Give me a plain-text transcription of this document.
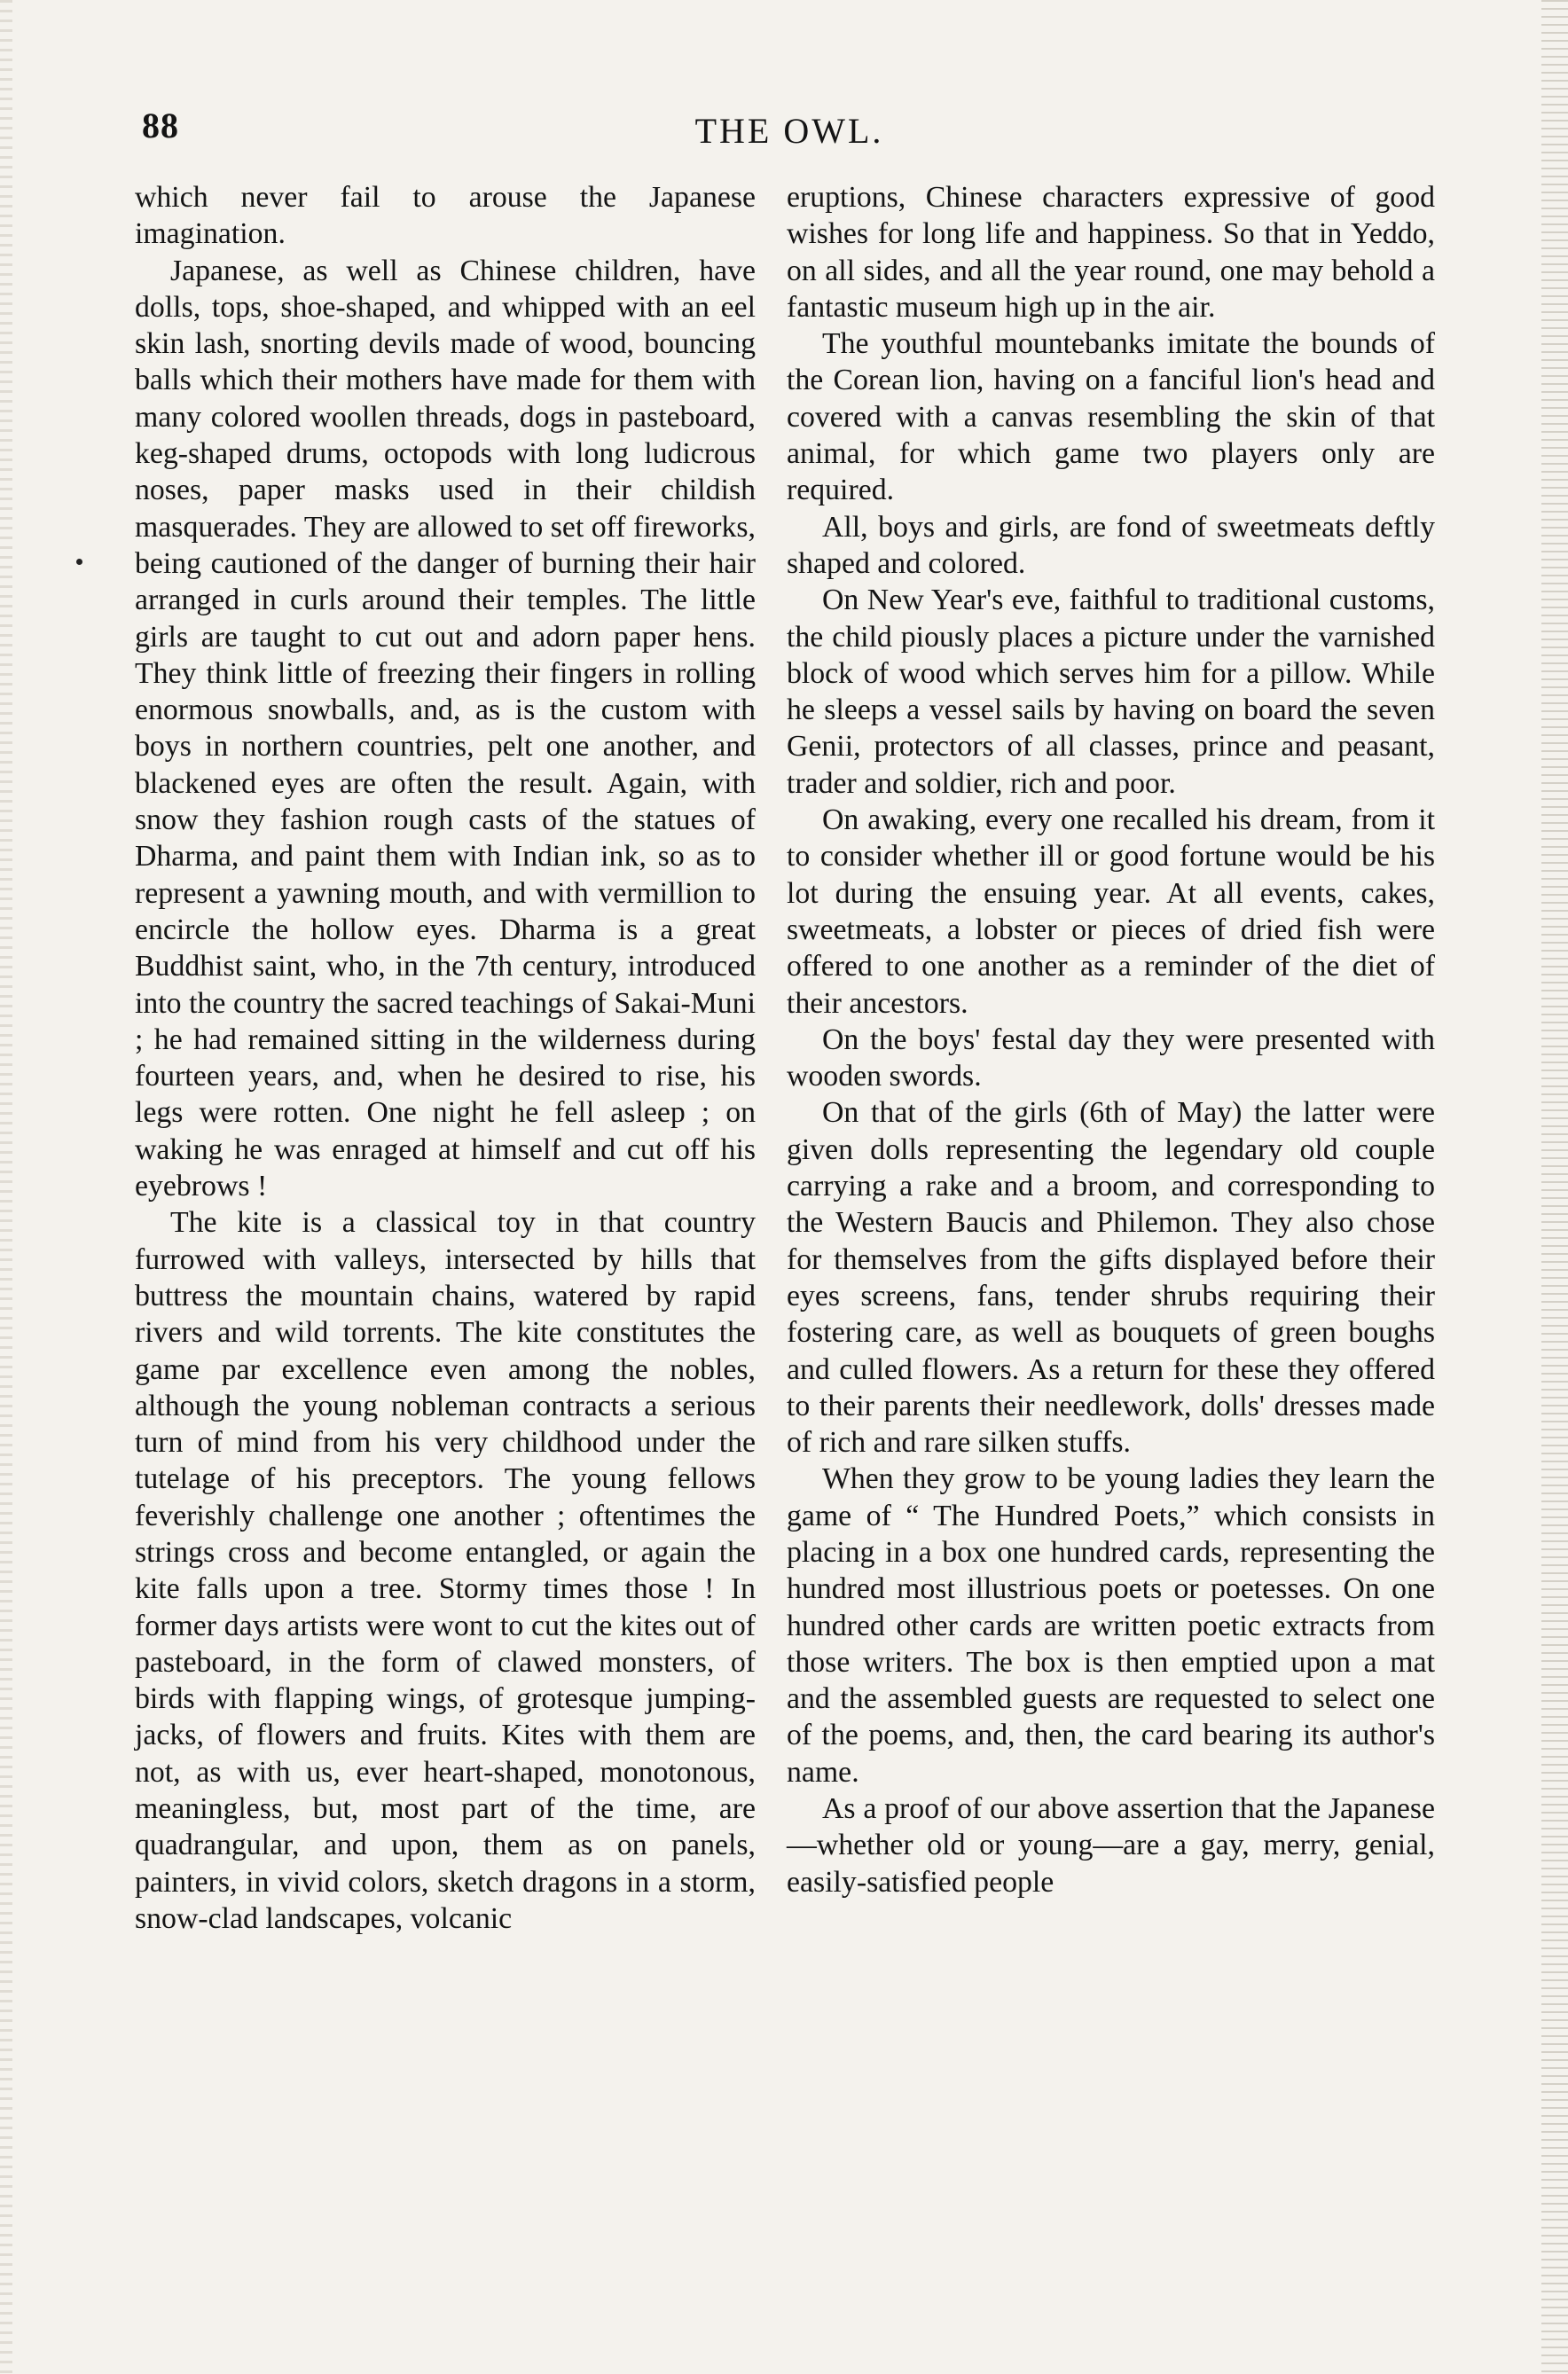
88	THE OWL.

which never fail to arouse the Japanese imagination.

Japanese, as well as Chinese children, have dolls, tops, shoe-shaped, and whipped with an eel skin lash, snorting devils made of wood, bouncing balls which their mothers have made for them with many colored woollen threads, dogs in pasteboard, keg-shaped drums, octopods with long ludicrous noses, paper masks used in their childish masquerades. They are allowed to set off fireworks, being cautioned of the danger of burning their hair arranged in curls around their temples. The little girls are taught to cut out and adorn paper hens. They think little of freezing their fingers in rolling enormous snowballs, and, as is the custom with boys in northern countries, pelt one another, and blackened eyes are often the result. Again, with snow they fashion rough casts of the statues of Dharma, and paint them with Indian ink, so as to represent a yawning mouth, and with vermillion to encircle the hollow eyes. Dharma is a great Buddhist saint, who, in the 7th century, introduced into the country the sacred teachings of Sakai-Muni ; he had remained sitting in the wilderness during fourteen years, and, when he desired to rise, his legs were rotten. One night he fell asleep ; on waking he was enraged at himself and cut off his eyebrows !

The kite is a classical toy in that country furrowed with valleys, intersected by hills that buttress the mountain chains, watered by rapid rivers and wild torrents. The kite constitutes the game par excellence even among the nobles, although the young nobleman contracts a serious turn of mind from his very childhood under the tutelage of his preceptors. The young fellows feverishly challenge one another ; oftentimes the strings cross and become entangled, or again the kite falls upon a tree. Stormy times those ! In former days artists were wont to cut the kites out of pasteboard, in the form of clawed monsters, of birds with flapping wings, of grotesque jumping-jacks, of flowers and fruits. Kites with them are not, as with us, ever heart-shaped, monotonous, meaningless, but, most part of the time, are quadrangular, and upon, them as on panels, painters, in vivid colors, sketch dragons in a storm, snow-clad landscapes, volcanic

eruptions, Chinese characters expressive of good wishes for long life and happiness. So that in Yeddo, on all sides, and all the year round, one may behold a fantastic museum high up in the air.

The youthful mountebanks imitate the bounds of the Corean lion, having on a fanciful lion's head and covered with a canvas resembling the skin of that animal, for which game two players only are required.

All, boys and girls, are fond of sweetmeats deftly shaped and colored.

On New Year's eve, faithful to traditional customs, the child piously places a picture under the varnished block of wood which serves him for a pillow. While he sleeps a vessel sails by having on board the seven Genii, protectors of all classes, prince and peasant, trader and soldier, rich and poor.

On awaking, every one recalled his dream, from it to consider whether ill or good fortune would be his lot during the ensuing year. At all events, cakes, sweetmeats, a lobster or pieces of dried fish were offered to one another as a reminder of the diet of their ancestors.

On the boys' festal day they were presented with wooden swords.

On that of the girls (6th of May) the latter were given dolls representing the legendary old couple carrying a rake and a broom, and corresponding to the Western Baucis and Philemon. They also chose for themselves from the gifts displayed before their eyes screens, fans, tender shrubs requiring their fostering care, as well as bouquets of green boughs and culled flowers. As a return for these they offered to their parents their needlework, dolls' dresses made of rich and rare silken stuffs.

When they grow to be young ladies they learn the game of “ The Hundred Poets,” which consists in placing in a box one hundred cards, representing the hundred most illustrious poets or poetesses. On one hundred other cards are written poetic extracts from those writers. The box is then emptied upon a mat and the assembled guests are requested to select one of the poems, and, then, the card bearing its author's name.

As a proof of our above assertion that the Japanese—whether old or young—are a gay, merry, genial, easily-satisfied people
